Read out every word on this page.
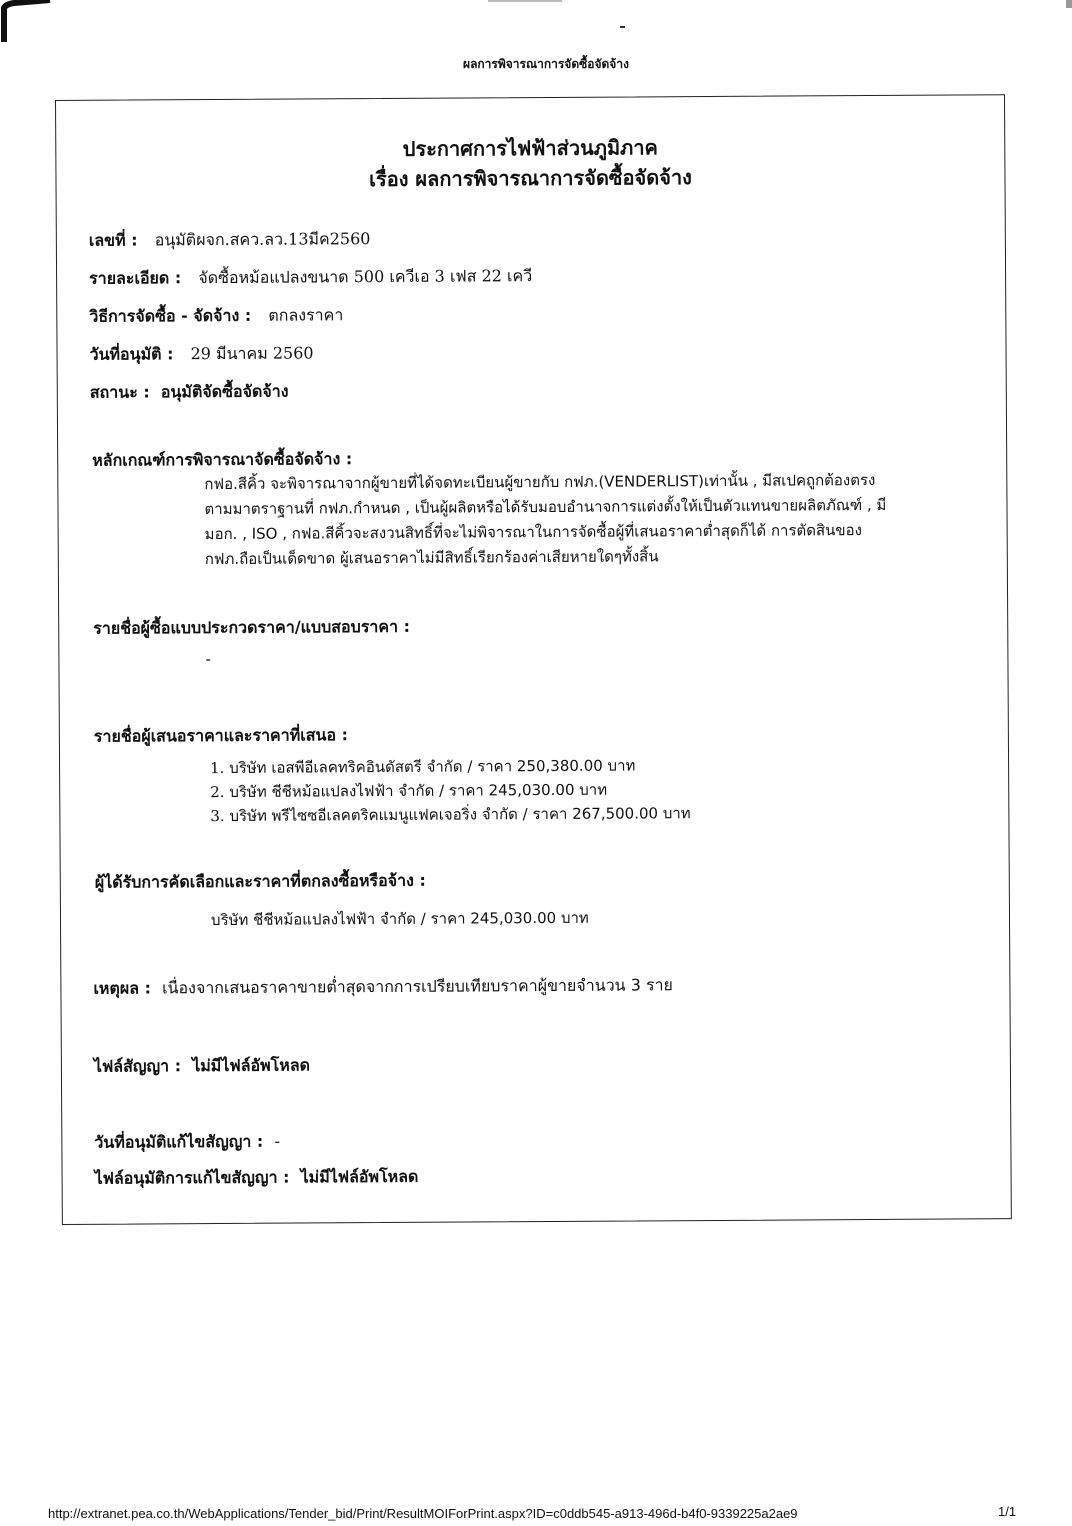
ผลการพิจารณาการจัดซื้อจัดจ้าง
ประกาศการไฟฟ้าส่วนภูมิภาค
เรื่อง ผลการพิจารณาการจัดซื้อจัดจ้าง
เลขที่ : อนุมัติผจก.สคว.ลว.13มีค2560
รายละเอียด : จัดซื้อหม้อแปลงขนาด 500 เควีเอ 3 เฟส 22 เควี
วิธีการจัดซื้อ - จัดจ้าง : ตกลงราคา
วันที่อนุมัติ : 29 มีนาคม 2560
สถานะ : อนุมัติจัดซื้อจัดจ้าง
หลักเกณฑ์การพิจารณาจัดซื้อจัดจ้าง :
กฟอ.สีคิ้ว จะพิจารณาจากผู้ขายที่ได้จดทะเบียนผู้ขายกับ กฟภ.(VENDERLIST)เท่านั้น , มีสเปคถูกต้องตรง
ตามมาตราฐานที่ กฟภ.กำหนด , เป็นผู้ผลิตหรือได้รับมอบอำนาจการแต่งตั้งให้เป็นตัวแทนขายผลิตภัณฑ์ , มี
มอก. , ISO , กฟอ.สีคิ้วจะสงวนสิทธิ์ที่จะไม่พิจารณาในการจัดซื้อผู้ที่เสนอราคาต่ำสุดก็ได้ การตัดสินของ
กฟภ.ถือเป็นเด็ดขาด ผู้เสนอราคาไม่มีสิทธิ์เรียกร้องค่าเสียหายใดๆทั้งสิ้น
รายชื่อผู้ซื้อแบบประกวดราคา/แบบสอบราคา :
-
รายชื่อผู้เสนอราคาและราคาที่เสนอ :
1. บริษัท เอสพีอีเลคทริคอินดัสตรี จำกัด / ราคา 250,380.00 บาท
2. บริษัท ชีชีหม้อแปลงไฟฟ้า จำกัด / ราคา 245,030.00 บาท
3. บริษัท พรีไซซอีเลคตริคแมนูแฟคเจอริ่ง จำกัด / ราคา 267,500.00 บาท
ผู้ได้รับการคัดเลือกและราคาที่ตกลงซื้อหรือจ้าง :
บริษัท ชีชีหม้อแปลงไฟฟ้า จำกัด / ราคา 245,030.00 บาท
เหตุผล : เนื่องจากเสนอราคาขายต่ำสุดจากการเปรียบเทียบราคาผู้ขายจำนวน 3 ราย
ไฟล์สัญญา : ไม่มีไฟล์อัพโหลด
วันที่อนุมัติแก้ไขสัญญา : -
ไฟล์อนุมัติการแก้ไขสัญญา : ไม่มีไฟล์อัพโหลด
http://extranet.pea.co.th/WebApplications/Tender_bid/Print/ResultMOIForPrint.aspx?ID=c0ddb545-a913-496d-b4f0-9339225a2ae9	1/1
